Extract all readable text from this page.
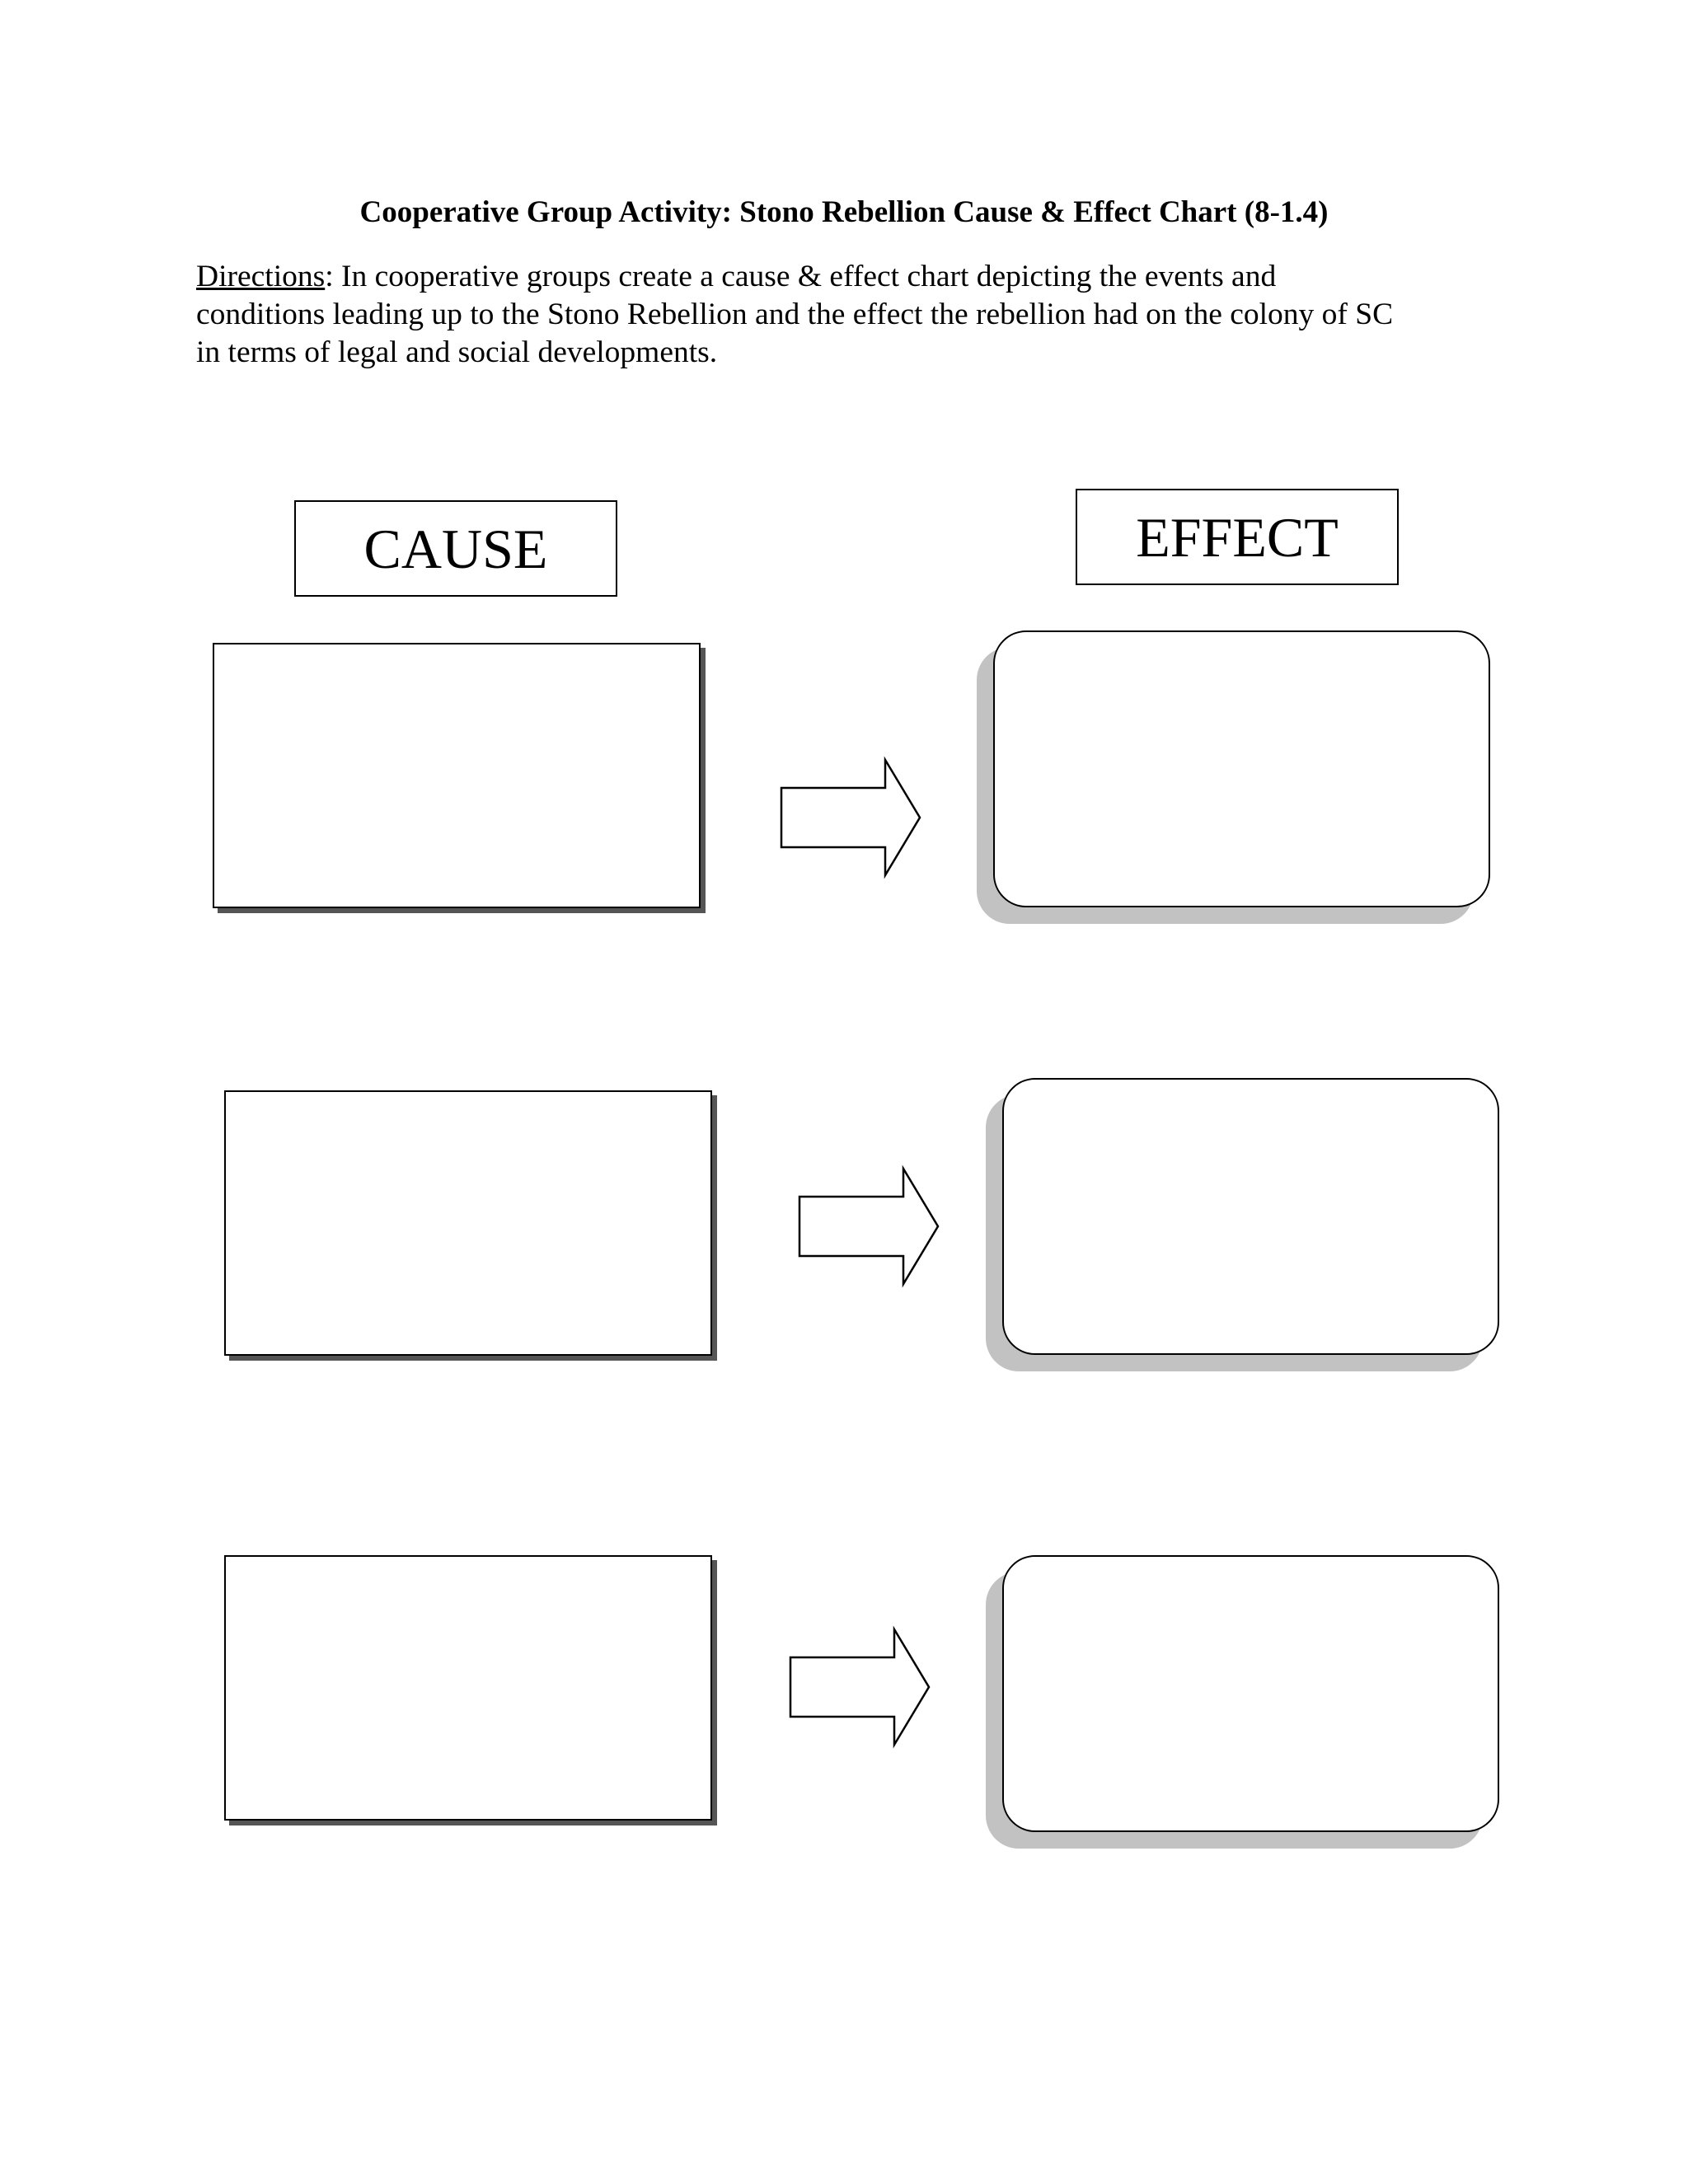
Cooperative Group Activity: Stono Rebellion Cause & Effect Chart (8-1.4)
Directions: In cooperative groups create a cause & effect chart depicting the events and
conditions leading up to the Stono Rebellion and the effect the rebellion had on the colony of SC
in terms of legal and social developments.
CAUSE	EFFECT
